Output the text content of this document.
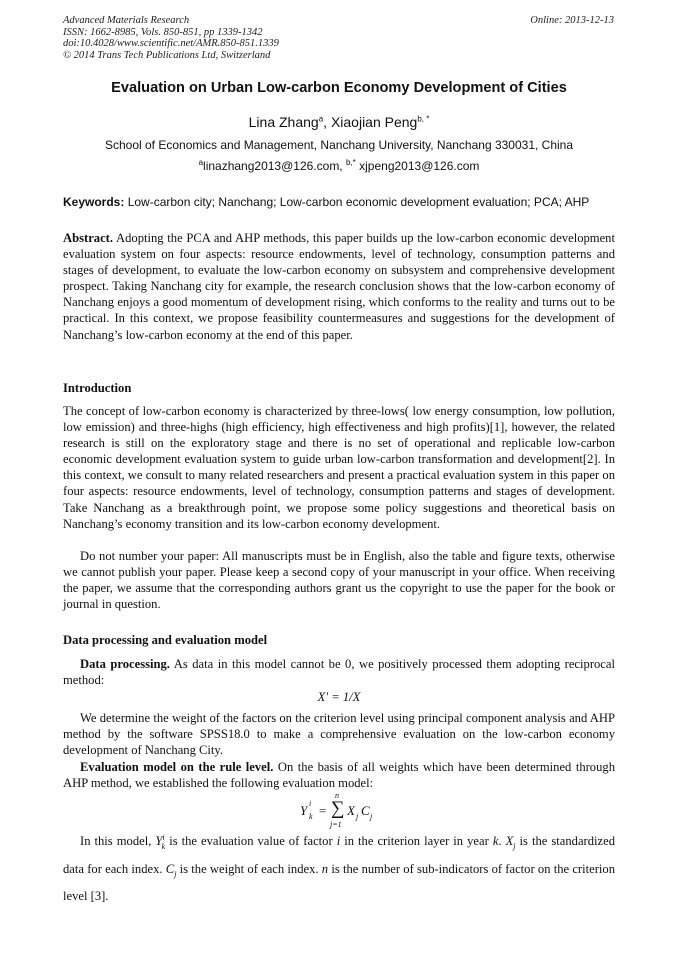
Advanced Materials Research
ISSN: 1662-8985, Vols. 850-851, pp 1339-1342
doi:10.4028/www.scientific.net/AMR.850-851.1339
© 2014 Trans Tech Publications Ltd, Switzerland
Online: 2013-12-13
Evaluation on Urban Low-carbon Economy Development of Cities
Lina Zhang$^a$, Xiaojian Peng$^{b, *}$
School of Economics and Management, Nanchang University, Nanchang 330031, China
$^a$linazhang2013@126.com, $^{b,*}$ xjpeng2013@126.com
Keywords: Low-carbon city; Nanchang; Low-carbon economic development evaluation; PCA; AHP
Abstract. Adopting the PCA and AHP methods, this paper builds up the low-carbon economic development evaluation system on four aspects: resource endowments, level of technology, consumption patterns and stages of development, to evaluate the low-carbon economy on subsystem and comprehensive development prospect. Taking Nanchang city for example, the research conclusion shows that the low-carbon economy of Nanchang enjoys a good momentum of development rising, which conforms to the reality and turns out to be practical. In this context, we propose feasibility countermeasures and suggestions for the development of Nanchang’s low-carbon economy at the end of this paper.
Introduction
The concept of low-carbon economy is characterized by three-lows( low energy consumption, low pollution, low emission) and three-highs (high efficiency, high effectiveness and high profits)[1], however, the related research is still on the exploratory stage and there is no set of operational and replicable low-carbon economic development evaluation system to guide urban low-carbon transformation and development[2]. In this context, we consult to many related researchers and present a practical evaluation system in this paper on four aspects: resource endowments, level of technology, consumption patterns and stages of development. Take Nanchang as a breakthrough point, we propose some policy suggestions and theoretical basis on Nanchang’s economy transition and its low-carbon economy development.
Do not number your paper: All manuscripts must be in English, also the table and figure texts, otherwise we cannot publish your paper. Please keep a second copy of your manuscript in your office. When receiving the paper, we assume that the corresponding authors grant us the copyright to use the paper for the book or journal in question.
Data processing and evaluation model
Data processing. As data in this model cannot be 0, we positively processed them adopting reciprocal method:
X′ = 1/X
We determine the weight of the factors on the criterion level using principal component analysis and AHP method by the software SPSS18.0 to make a comprehensive evaluation on the low-carbon economy development of Nanchang City.
Evaluation model on the rule level. On the basis of all weights which have been determined through AHP method, we established the following evaluation model:
Y i
k =
n
∑
j=1
X j C j
In this model, $Y^i_k$ is the evaluation value of factor i in the criterion layer in year k. $X_j$ is the standardized data for each index. $C_j$ is the weight of each index. n is the number of sub-indicators of factor on the criterion level [3].
